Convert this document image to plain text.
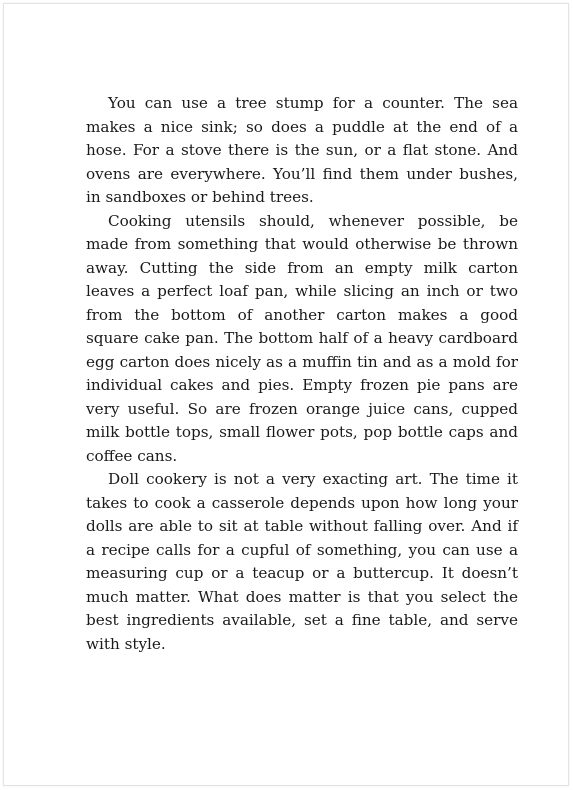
You can use a tree stump for a counter. The sea makes a nice sink; so does a puddle at the end of a hose. For a stove there is the sun, or a flat stone. And ovens are everywhere. You’ll find them under bushes, in sandboxes or behind trees.

Cooking utensils should, whenever possible, be made from something that would otherwise be thrown away. Cutting the side from an empty milk carton leaves a perfect loaf pan, while slicing an inch or two from the bottom of another carton makes a good square cake pan. The bottom half of a heavy cardboard egg carton does nicely as a muffin tin and as a mold for individual cakes and pies. Empty frozen pie pans are very useful. So are frozen orange juice cans, cupped milk bottle tops, small flower pots, pop bottle caps and coffee cans.

Doll cookery is not a very exacting art. The time it takes to cook a casserole depends upon how long your dolls are able to sit at table without falling over. And if a recipe calls for a cupful of something, you can use a measuring cup or a teacup or a buttercup. It doesn’t much matter. What does matter is that you select the best ingredients available, set a fine table, and serve with style.
